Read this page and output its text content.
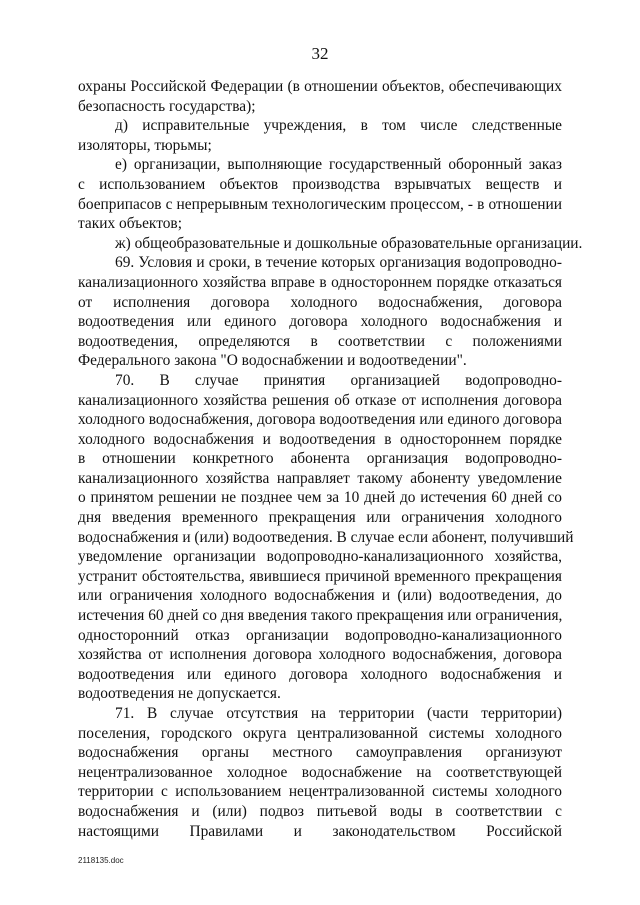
32
охраны Российской Федерации (в отношении объектов, обеспечивающих
безопасность государства);
д) исправительные учреждения, в том числе следственные
изоляторы, тюрьмы;
е) организации, выполняющие государственный оборонный заказ
с использованием объектов производства взрывчатых веществ и
боеприпасов с непрерывным технологическим процессом, - в отношении
таких объектов;
ж) общеобразовательные и дошкольные образовательные организации.
69. Условия и сроки, в течение которых организация водопроводно-
канализационного хозяйства вправе в одностороннем порядке отказаться
от исполнения договора холодного водоснабжения, договора
водоотведения или единого договора холодного водоснабжения и
водоотведения, определяются в соответствии с положениями
Федерального закона "О водоснабжении и водоотведении".
70. В случае принятия организацией водопроводно-
канализационного хозяйства решения об отказе от исполнения договора
холодного водоснабжения, договора водоотведения или единого договора
холодного водоснабжения и водоотведения в одностороннем порядке
в отношении конкретного абонента организация водопроводно-
канализационного хозяйства направляет такому абоненту уведомление
о принятом решении не позднее чем за 10 дней до истечения 60 дней со
дня введения временного прекращения или ограничения холодного
водоснабжения и (или) водоотведения. В случае если абонент, получивший
уведомление организации водопроводно-канализационного хозяйства,
устранит обстоятельства, явившиеся причиной временного прекращения
или ограничения холодного водоснабжения и (или) водоотведения, до
истечения 60 дней со дня введения такого прекращения или ограничения,
односторонний отказ организации водопроводно-канализационного
хозяйства от исполнения договора холодного водоснабжения, договора
водоотведения или единого договора холодного водоснабжения и
водоотведения не допускается.
71. В случае отсутствия на территории (части территории)
поселения, городского округа централизованной системы холодного
водоснабжения органы местного самоуправления организуют
нецентрализованное холодное водоснабжение на соответствующей
территории с использованием нецентрализованной системы холодного
водоснабжения и (или) подвоз питьевой воды в соответствии с
настоящими Правилами и законодательством Российской
2118135.doc
